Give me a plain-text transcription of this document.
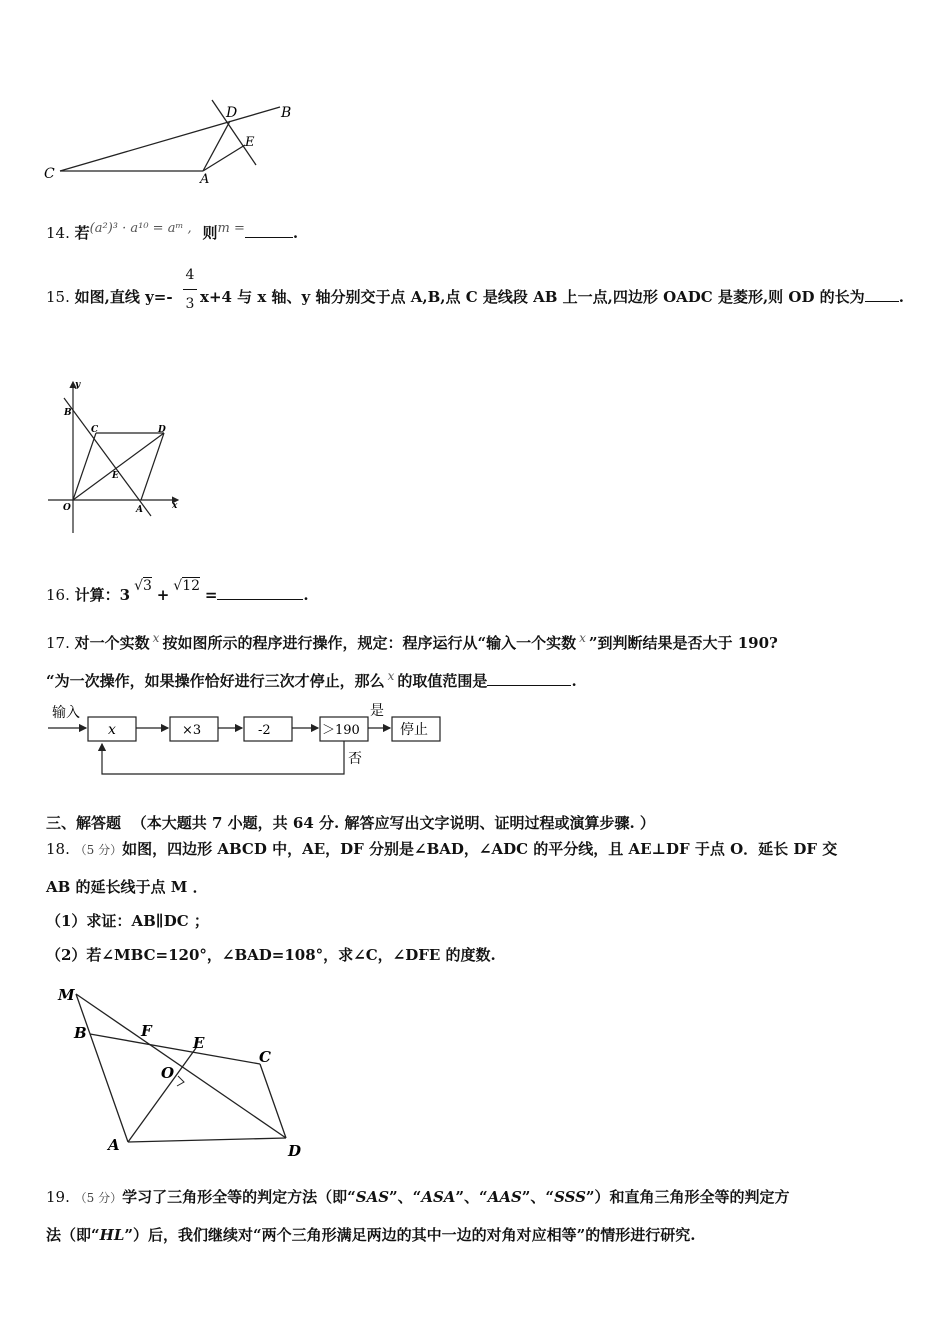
C	A
D	B
E
14. 若(a²)³ · a¹⁰ = aᵐ , 则m =	.
15. 如图,直线 $y=- \frac{4}{3} x+4$ 与 x 轴、y 轴分别交于点 A,B,点 C 是线段 AB 上一点,四边形 OADC 是菱形,则 OD 的长为 .
y
x
B
C	D
E
O	A
16. 计算：3 √3 + √12 =	.
17. 对一个实数 $^x$ 按如图所示的程序进行操作，规定：程序运行从“输入一个实数 $^x$ ”到判断结果是否大于 190?
“为一次操作，如果操作恰好进行三次才停止，那么 $^x$ 的取值范围是	.
输入
x	×3	-2	＞190
是
停止
否
三、解答题 （本大题共 7 小题，共 64 分. 解答应写出文字说明、证明过程或演算步骤. ）
18. （5 分）如图，四边形 ABCD 中，AE，DF 分别是∠BAD，∠ADC 的平分线，且 AE⊥DF 于点 O．延长 DF 交
AB 的延长线于点 M ．
（1）求证：AB∥DC ；
（2）若∠MBC=120°，∠BAD=108°，求∠C，∠DFE 的度数.
M
B	F
E
C
O
A	D
19. （5 分）学习了三角形全等的判定方法（即“SAS”、“ASA”、“AAS”、“SSS”）和直角三角形全等的判定方
法（即“HL”）后，我们继续对“两个三角形满足两边的其中一边的对角对应相等”的情形进行研究.
